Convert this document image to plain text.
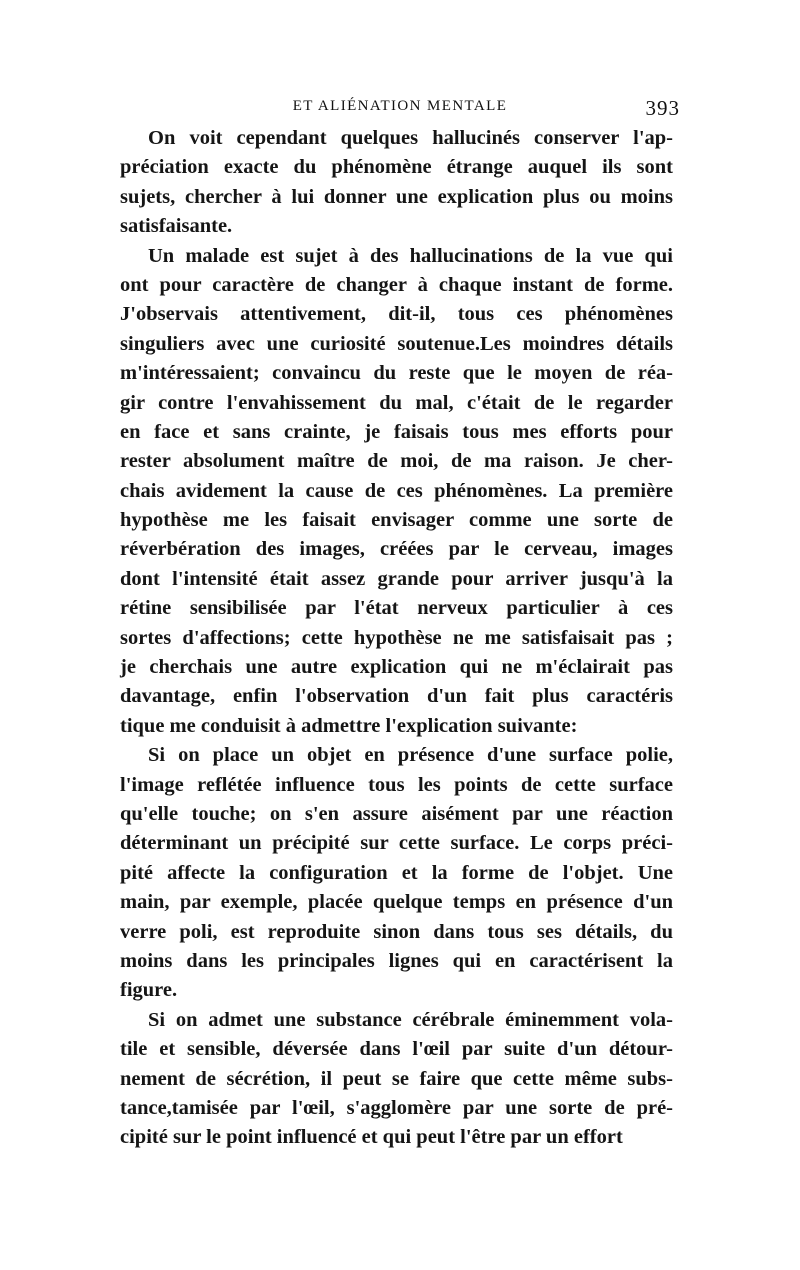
ET ALIÉNATION MENTALE	393
On voit cependant quelques hallucinés conserver l'ap-
préciation exacte du phénomène étrange auquel ils sont
sujets, chercher à lui donner une explication plus ou moins
satisfaisante.
Un malade est sujet à des hallucinations de la vue qui
ont pour caractère de changer à chaque instant de forme.
J'observais attentivement, dit-il, tous ces phénomènes
singuliers avec une curiosité soutenue.Les moindres détails
m'intéressaient; convaincu du reste que le moyen de réa-
gir contre l'envahissement du mal, c'était de le regarder
en face et sans crainte, je faisais tous mes efforts pour
rester absolument maître de moi, de ma raison. Je cher-
chais avidement la cause de ces phénomènes. La première
hypothèse me les faisait envisager comme une sorte de
réverbération des images, créées par le cerveau, images
dont l'intensité était assez grande pour arriver jusqu'à la
rétine sensibilisée par l'état nerveux particulier à ces
sortes d'affections; cette hypothèse ne me satisfaisait pas ;
je cherchais une autre explication qui ne m'éclairait pas
davantage, enfin l'observation d'un fait plus caractéris
tique me conduisit à admettre l'explication suivante:
Si on place un objet en présence d'une surface polie,
l'image reflétée influence tous les points de cette surface
qu'elle touche; on s'en assure aisément par une réaction
déterminant un précipité sur cette surface. Le corps préci-
pité affecte la configuration et la forme de l'objet. Une
main, par exemple, placée quelque temps en présence d'un
verre poli, est reproduite sinon dans tous ses détails, du
moins dans les principales lignes qui en caractérisent la
figure.
Si on admet une substance cérébrale éminemment vola-
tile et sensible, déversée dans l'œil par suite d'un détour-
nement de sécrétion, il peut se faire que cette même subs-
tance,tamisée par l'œil, s'agglomère par une sorte de pré-
cipité sur le point influencé et qui peut l'être par un effort
